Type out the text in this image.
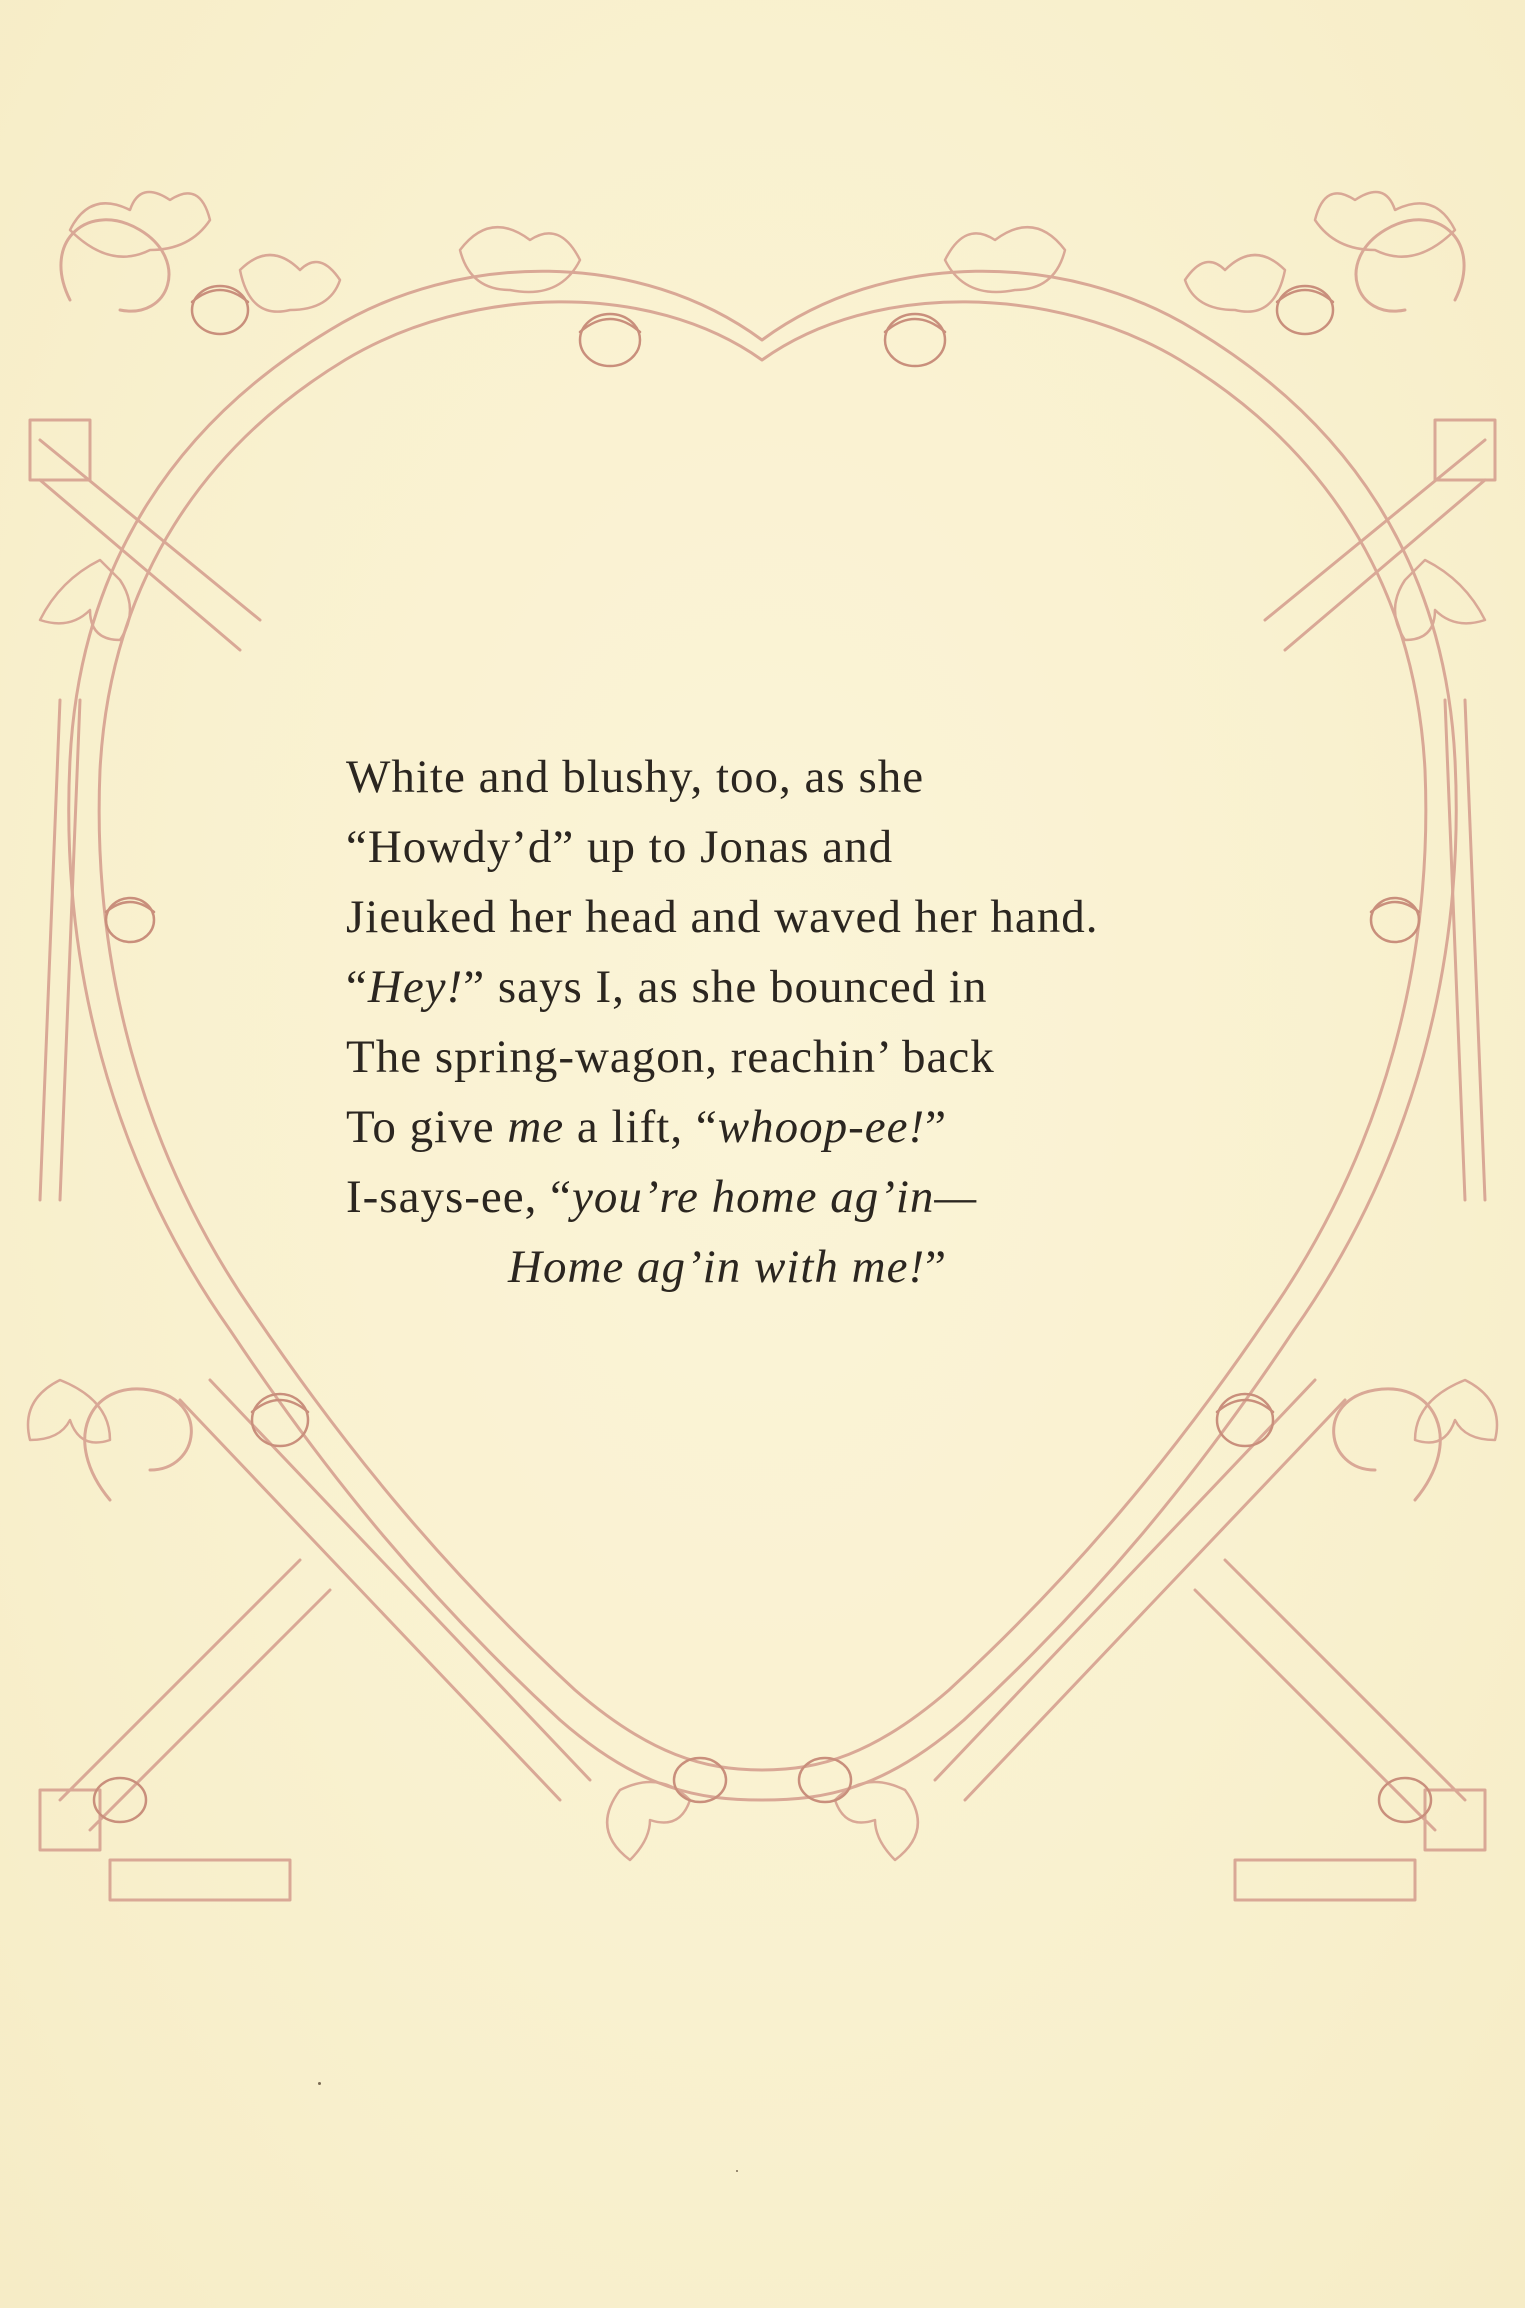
White and blushy, too, as she
“Howdy’d” up to Jonas and
Jieuked her head and waved her hand.
“Hey!” says I, as she bounced in
The spring-wagon, reachin’ back
To give me a lift, “whoop-ee!”
I-says-ee, “you’re home ag’in—
Home ag’in with me!”
